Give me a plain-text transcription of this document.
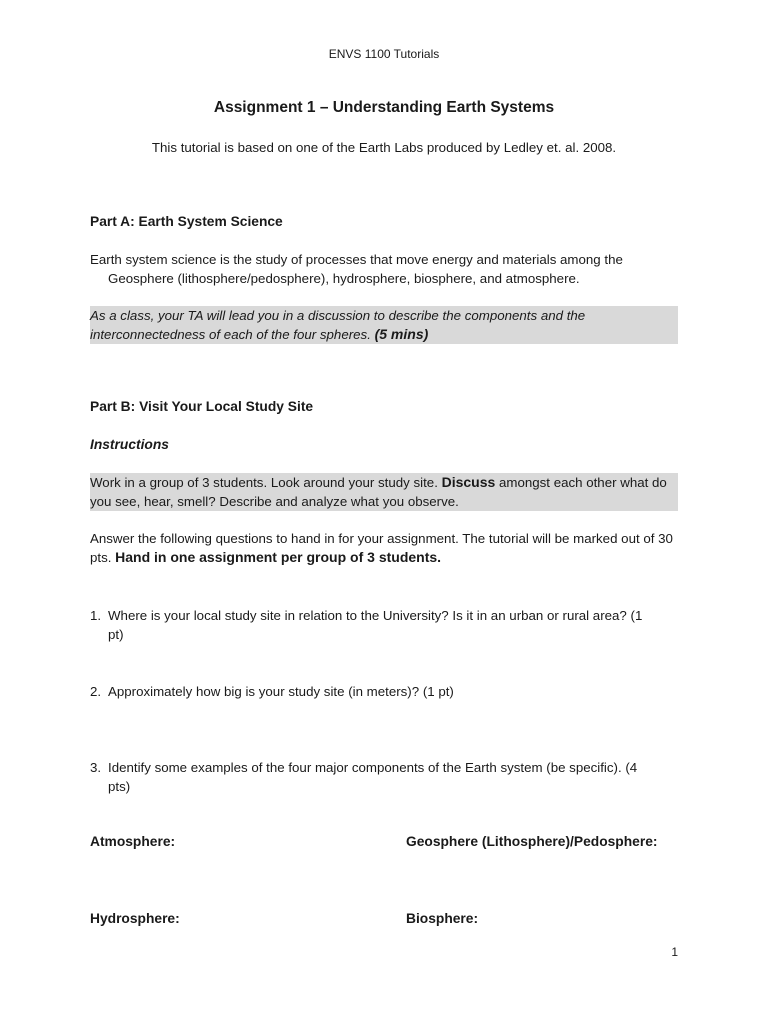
ENVS 1100 Tutorials
Assignment 1 – Understanding Earth Systems
This tutorial is based on one of the Earth Labs produced by Ledley et. al. 2008.
Part A: Earth System Science
Earth system science is the study of processes that move energy and materials among the Geosphere (lithosphere/pedosphere), hydrosphere, biosphere, and atmosphere.
As a class, your TA will lead you in a discussion to describe the components and the interconnectedness of each of the four spheres. (5 mins)
Part B: Visit Your Local Study Site
Instructions
Work in a group of 3 students. Look around your study site. Discuss amongst each other what do you see, hear, smell? Describe and analyze what you observe.
Answer the following questions to hand in for your assignment. The tutorial will be marked out of 30 pts. Hand in one assignment per group of 3 students.
1. Where is your local study site in relation to the University? Is it in an urban or rural area? (1 pt)
2. Approximately how big is your study site (in meters)? (1 pt)
3. Identify some examples of the four major components of the Earth system (be specific). (4 pts)
Atmosphere:	Geosphere (Lithosphere)/Pedosphere:
Hydrosphere:	Biosphere:
1
